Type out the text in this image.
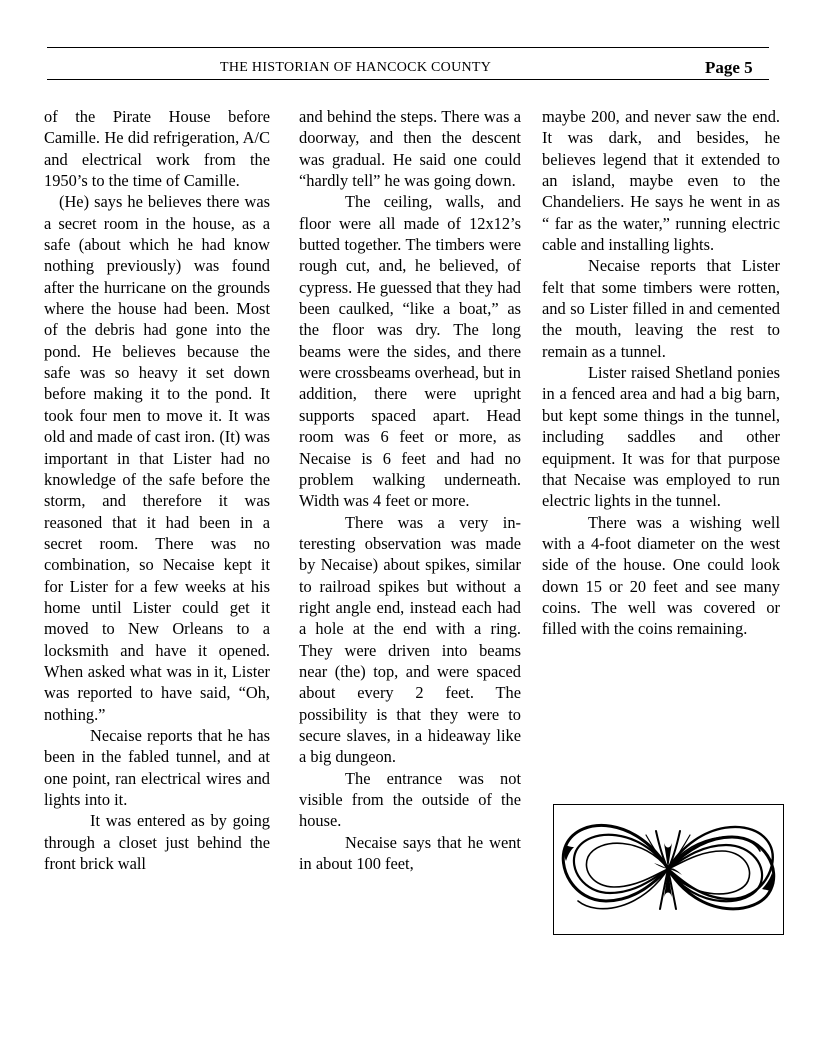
THE HISTORIAN OF HANCOCK COUNTY	Page 5

of the Pirate House before Camille. He did refrigeration, A/C and electrical work from the 1950’s to the time of Camille.

(He) says he believes there was a secret room in the house, as a safe (about which he had know nothing previously) was found after the hurricane on the grounds where the house had been. Most of the debris had gone into the pond. He believes because the safe was so heavy it set down before making it to the pond. It took four men to move it. It was old and made of cast iron. (It) was important in that Lister had no knowledge of the safe before the storm, and therefore it was reasoned that it had been in a secret room. There was no combination, so Necaise kept it for Lister for a few weeks at his home until Lister could get it moved to New Orleans to a locksmith and have it opened. When asked what was in it, Lister was reported to have said, “Oh, nothing.”

Necaise reports that he has been in the fabled tunnel, and at one point, ran electrical wires and lights into it.

It was entered as by going through a closet just behind the front brick wall

and behind the steps. There was a doorway, and then the descent was gradual. He said one could “hardly tell” he was going down.

The ceiling, walls, and floor were all made of 12x12’s butted together. The timbers were rough cut, and, he believed, of cypress. He guessed that they had been caulked, “like a boat,” as the floor was dry. The long beams were the sides, and there were crossbeams overhead, but in addition, there were upright supports spaced apart. Head room was 6 feet or more, as Necaise is 6 feet and had no problem walking underneath. Width was 4 feet or more.

There was a very interesting observation was made by Necaise) about spikes, similar to railroad spikes but without a right angle end, instead each had a hole at the end with a ring. They were driven into beams near (the) top, and were spaced about every 2 feet. The possibility is that they were to secure slaves, in a hideaway like a big dungeon.

The entrance was not visible from the outside of the house.

Necaise says that he went in about 100 feet,

maybe 200, and never saw the end. It was dark, and besides, he believes legend that it extended to an island, maybe even to the Chandeliers. He says he went in as “ far as the water,” running electric cable and installing lights.

Necaise reports that Lister felt that some timbers were rotten, and so Lister filled in and cemented the mouth, leaving the rest to remain as a tunnel.

Lister raised Shetland ponies in a fenced area and had a big barn, but kept some things in the tunnel, including saddles and other equipment. It was for that purpose that Necaise was employed to run electric lights in the tunnel.

There was a wishing well with a 4-foot diameter on the west side of the house. One could look down 15 or 20 feet and see many coins. The well was covered or filled with the coins remaining.
